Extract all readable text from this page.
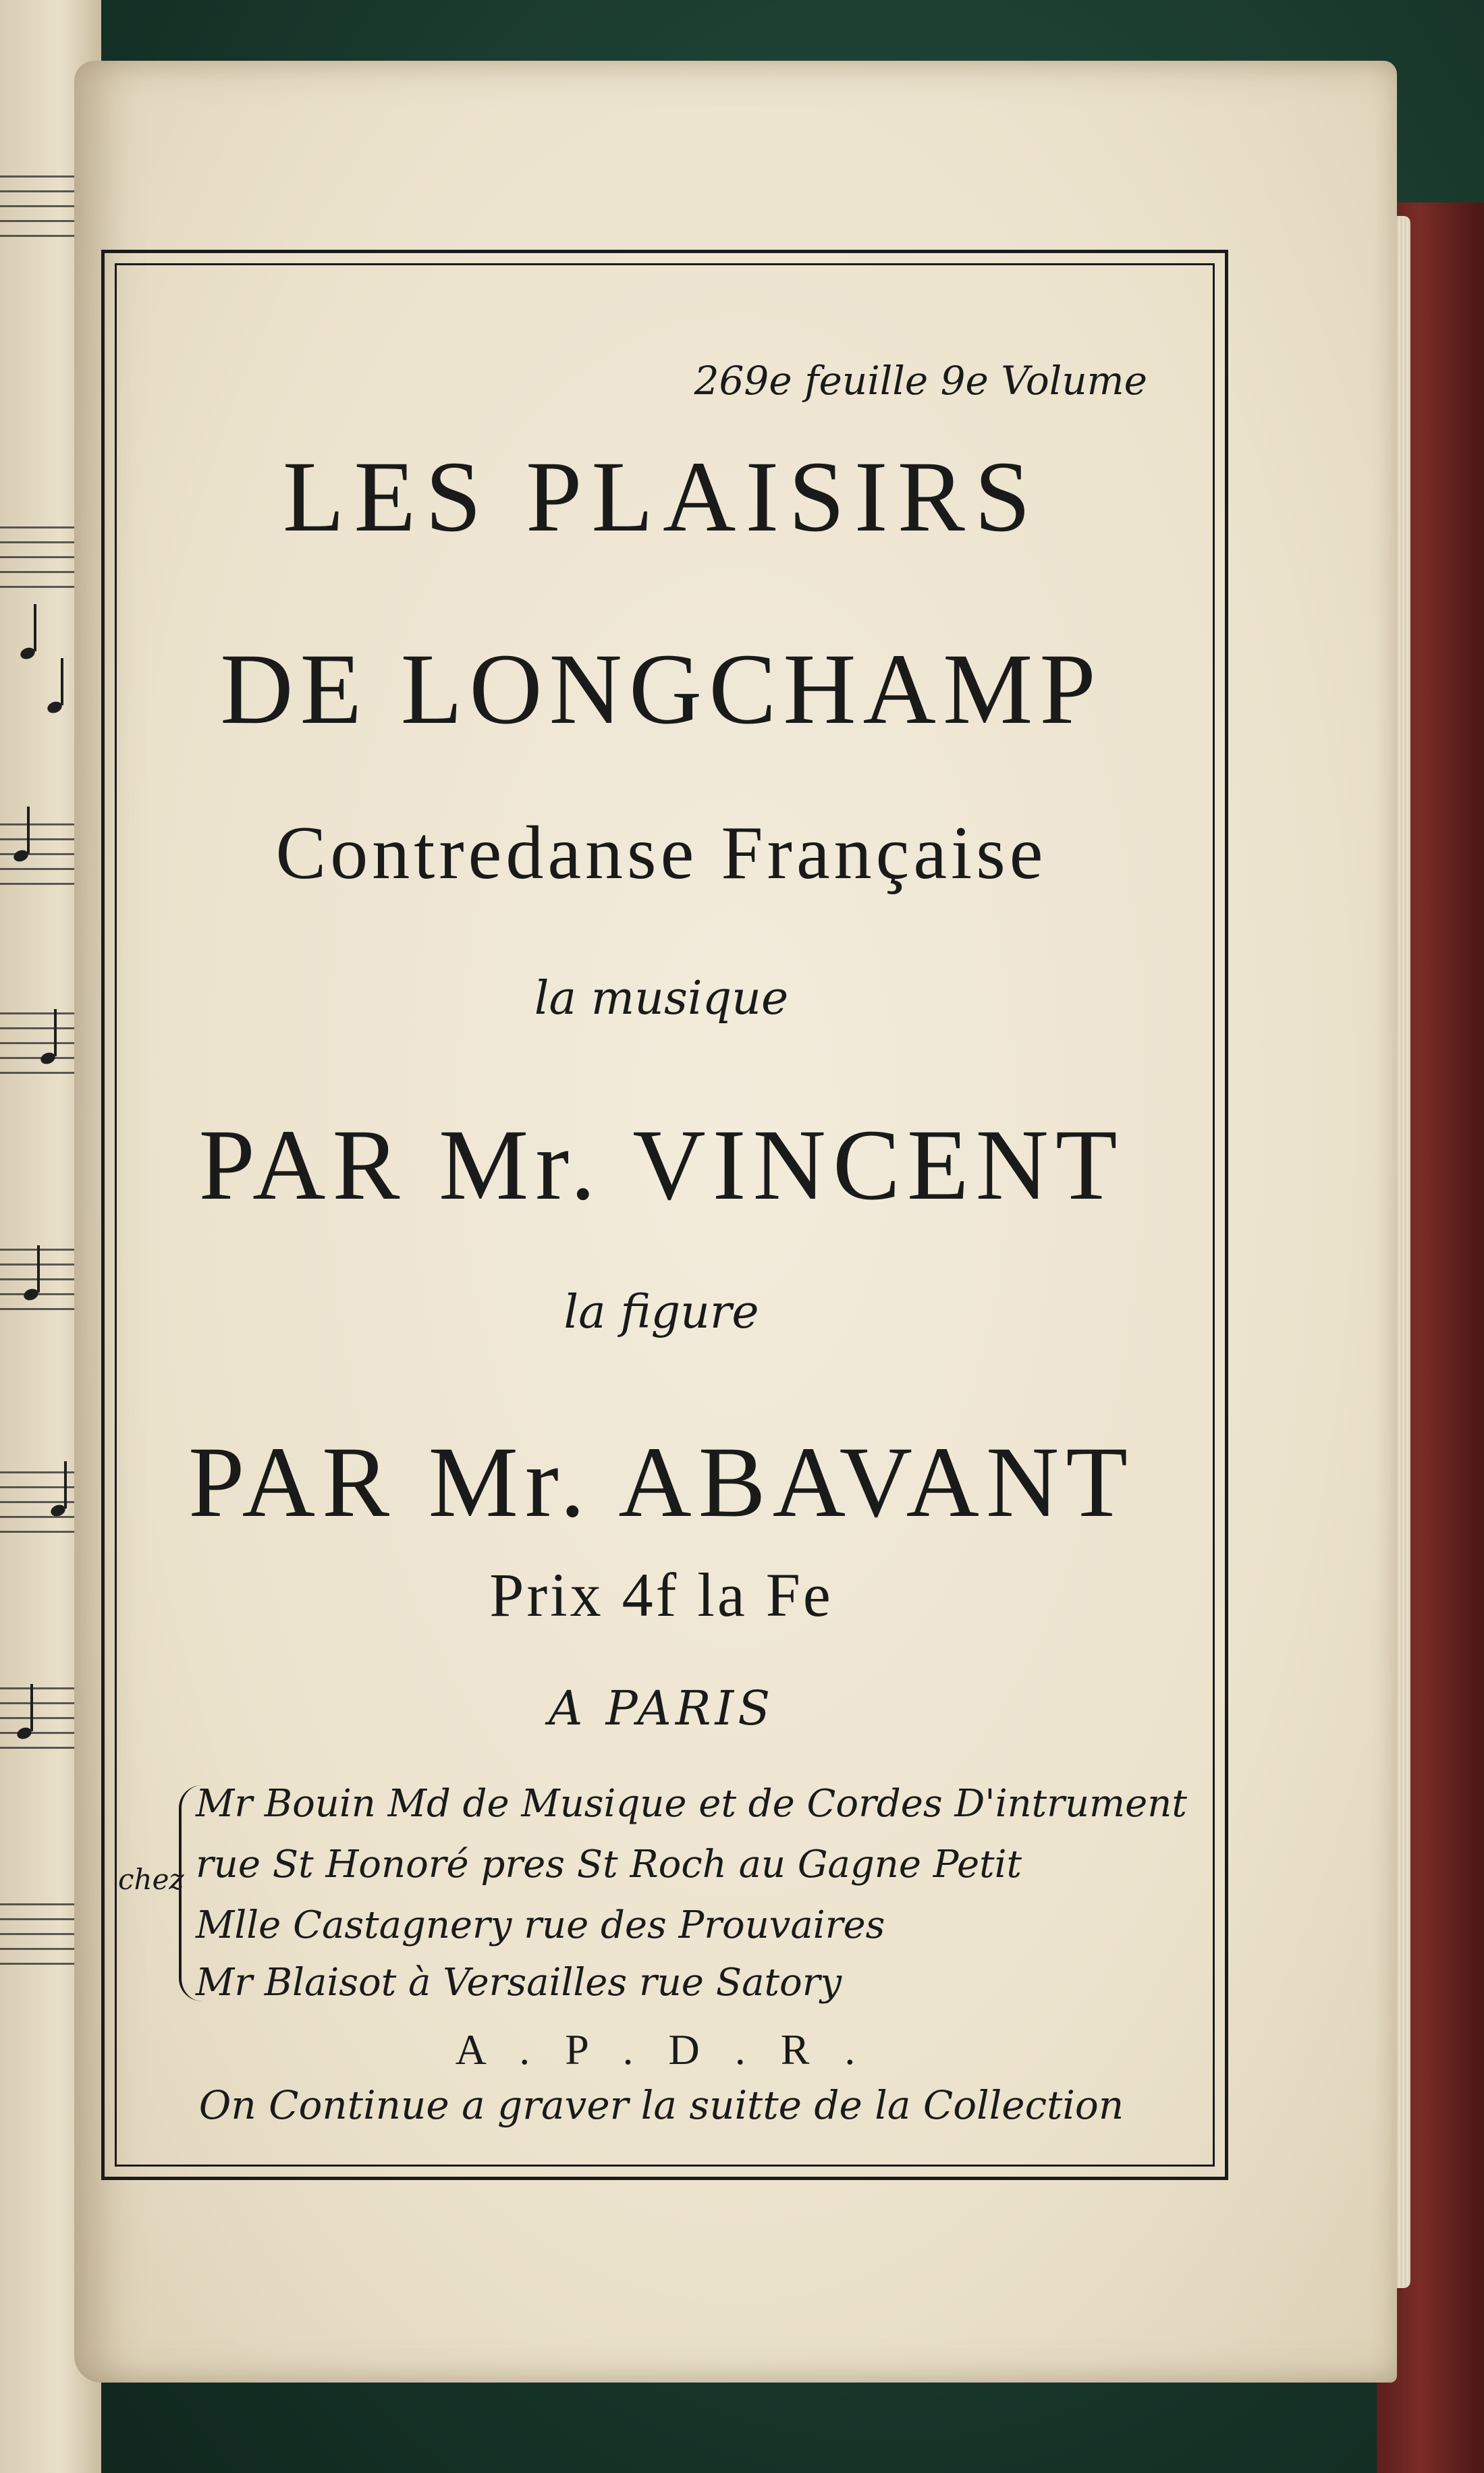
269e feuille 9e Volume
LES PLAISIRS
DE LONGCHAMP
Contredanse Française
la musique
PAR Mr. VINCENT
la figure
PAR Mr. ABAVANT
Prix 4f la Fe
A PARIS
chez
Mr Bouin Md de Musique et de Cordes D'intrument
rue St Honoré pres St Roch au Gagne Petit
Mlle Castagnery rue des Prouvaires
Mr Blaisot à Versailles rue Satory
A . P . D . R .
On Continue a graver la suitte de la Collection
